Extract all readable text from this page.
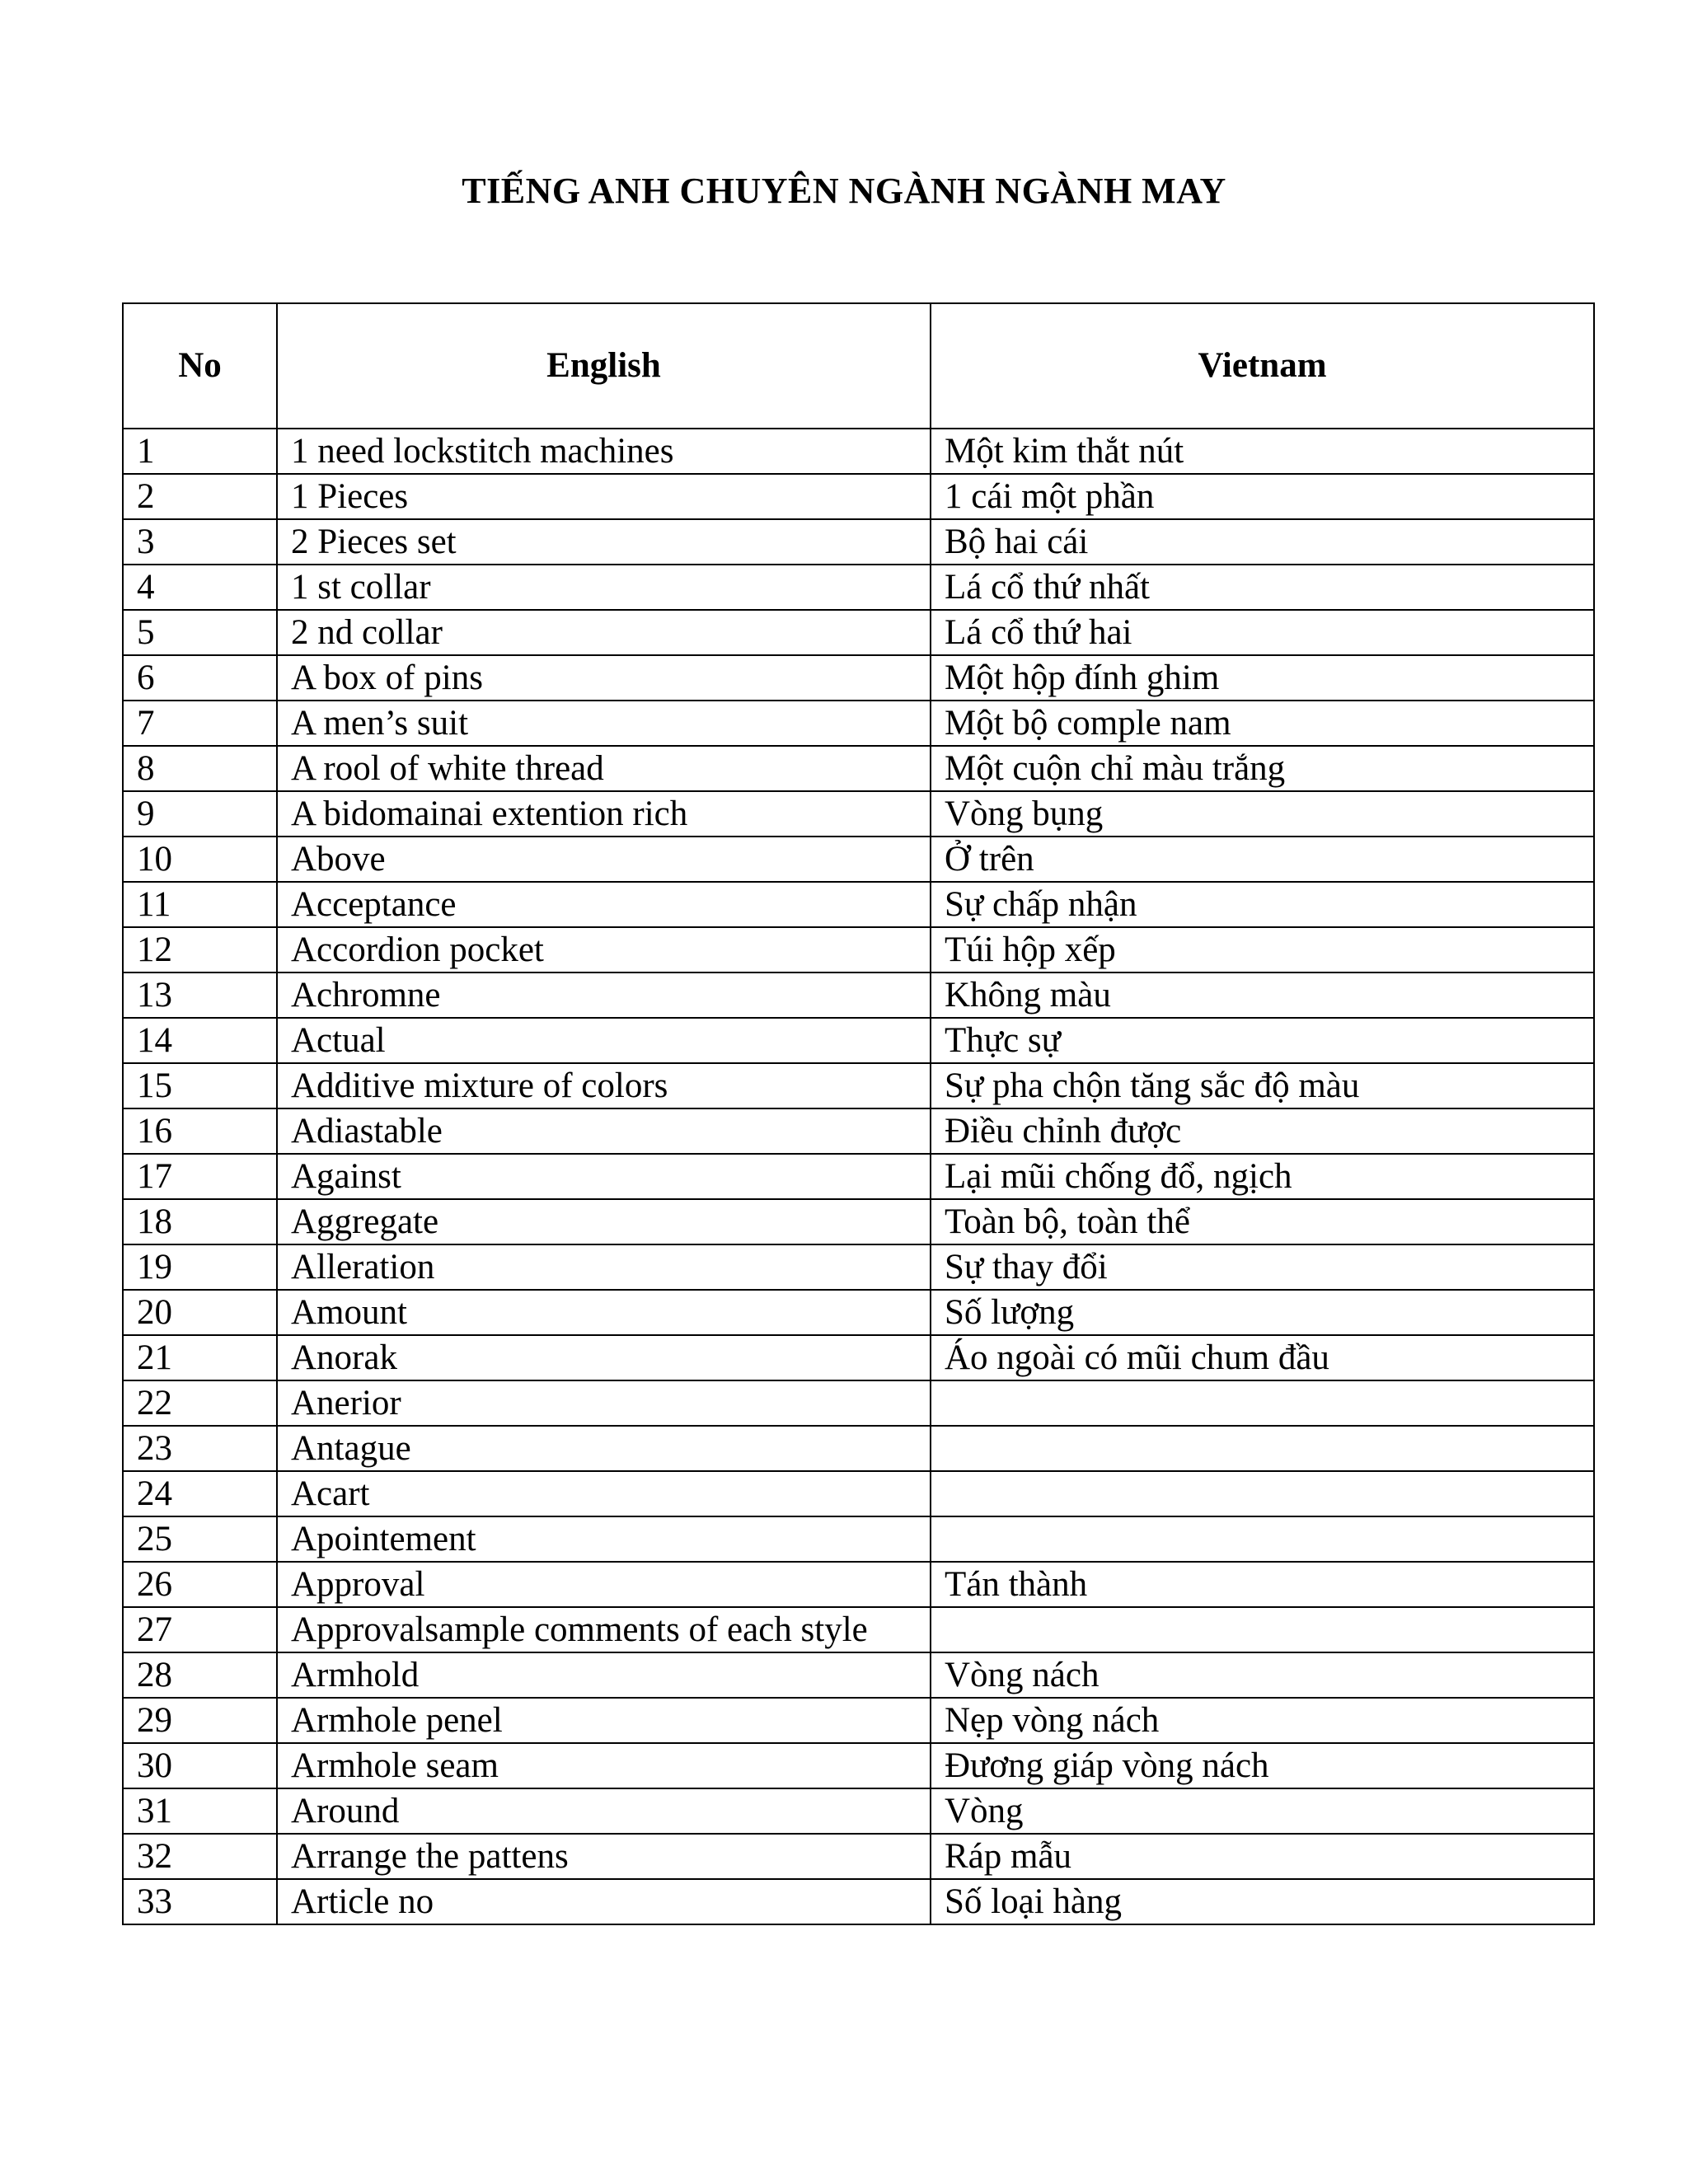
TIẾNG ANH CHUYÊN NGÀNH NGÀNH MAY
No	English	Vietnam
1	1 need lockstitch machines	Một kim thắt nút
2	1 Pieces	1 cái một phần
3	2 Pieces set	Bộ hai cái
4	1 st collar	Lá cổ thứ nhất
5	2 nd collar	Lá cổ thứ hai
6	A box of pins	Một hộp đính ghim
7	A men’s suit	Một bộ comple nam
8	A rool of white thread	Một cuộn chỉ màu trắng
9	A bidomainai extention rich	Vòng bụng
10	Above	Ở trên
11	Acceptance	Sự chấp nhận
12	Accordion pocket	Túi hộp xếp
13	Achromne	Không màu
14	Actual	Thực sự
15	Additive mixture of colors	Sự pha chộn tăng sắc độ màu
16	Adiastable	Điều chỉnh được
17	Against	Lại mũi chống đổ, ngịch
18	Aggregate	Toàn bộ, toàn thể
19	Alleration	Sự thay đổi
20	Amount	Số lượng
21	Anorak	Áo ngoài có mũi chum đầu
22	Anerior	
23	Antague	
24	Acart	
25	Apointement	
26	Approval	Tán thành
27	Approvalsample comments of each style	
28	Armhold	Vòng nách
29	Armhole penel	Nẹp vòng nách
30	Armhole seam	Đương giáp vòng nách
31	Around	Vòng
32	Arrange the pattens	Ráp mẫu
33	Article no	Số loại hàng
